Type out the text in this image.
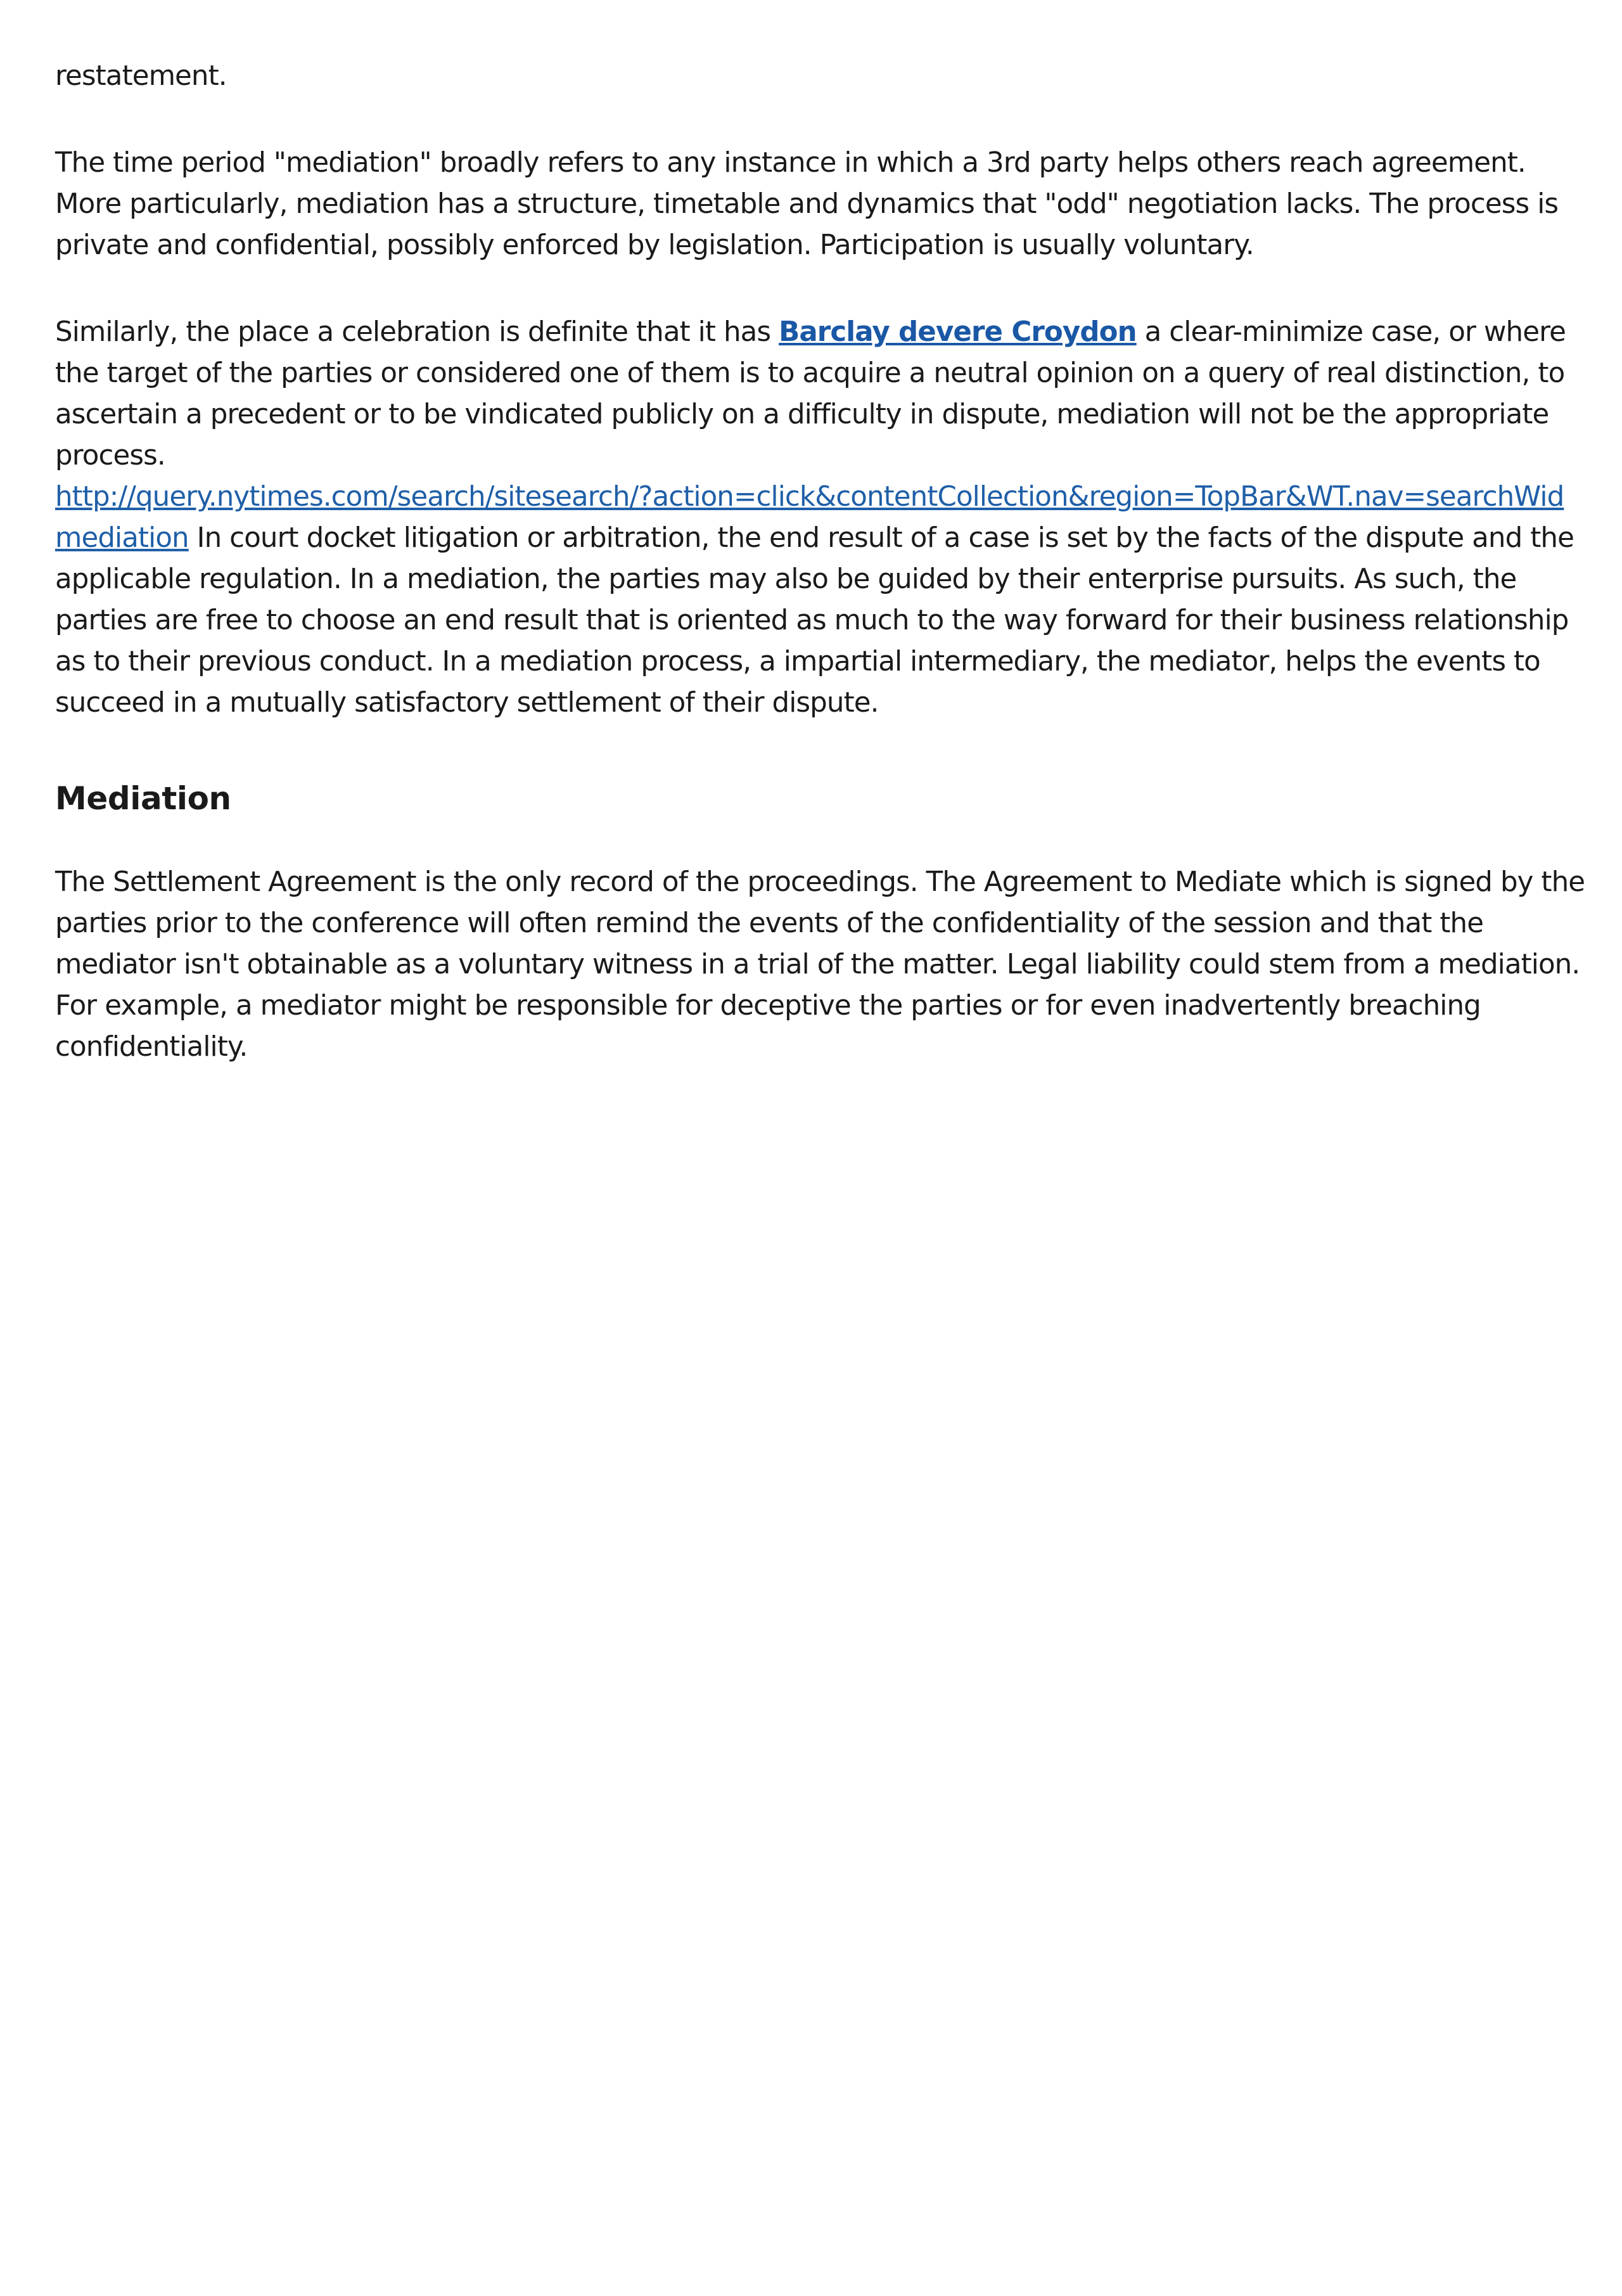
restatement.

The time period "mediation" broadly refers to any instance in which a 3rd party helps others reach agreement. More particularly, mediation has a structure, timetable and dynamics that "odd" negotiation lacks. The process is private and confidential, possibly enforced by legislation. Participation is usually voluntary.

Similarly, the place a celebration is definite that it has Barclay devere Croydon a clear-minimize case, or where the target of the parties or considered one of them is to acquire a neutral opinion on a query of real distinction, to ascertain a precedent or to be vindicated publicly on a difficulty in dispute, mediation will not be the appropriate process.

http://query.nytimes.com/search/sitesearch/?action=click&contentCollection&region=TopBar&WT.nav=searchWid
mediation In court docket litigation or arbitration, the end result of a case is set by the facts of the dispute and the applicable regulation. In a mediation, the parties may also be guided by their enterprise pursuits. As such, the parties are free to choose an end result that is oriented as much to the way forward for their business relationship as to their previous conduct. In a mediation process, a impartial intermediary, the mediator, helps the events to succeed in a mutually satisfactory settlement of their dispute.

Mediation

The Settlement Agreement is the only record of the proceedings. The Agreement to Mediate which is signed by the parties prior to the conference will often remind the events of the confidentiality of the session and that the mediator isn't obtainable as a voluntary witness in a trial of the matter. Legal liability could stem from a mediation. For example, a mediator might be responsible for deceptive the parties or for even inadvertently breaching confidentiality.
